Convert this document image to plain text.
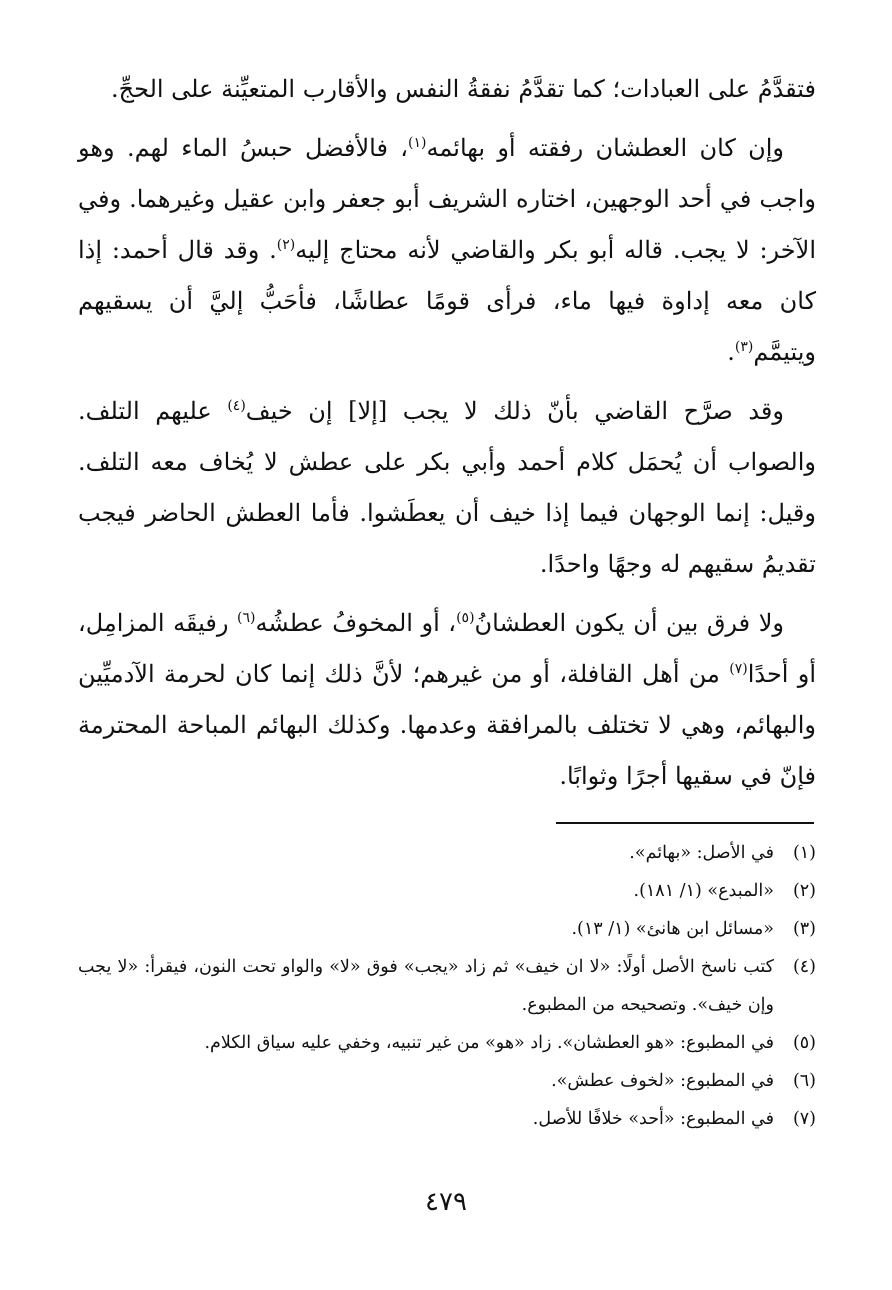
فتقدَّمُ على العبادات؛ كما تقدَّمُ نفقةُ النفس والأقارب المتعيِّنة على الحجِّ.

وإن كان العطشان رفقته أو بهائمه$^{(١)}$، فالأفضل حبسُ الماء لهم. وهو واجب في أحد الوجهين، اختاره الشريف أبو جعفر وابن عقيل وغيرهما. وفي الآخر: لا يجب. قاله أبو بكر والقاضي لأنه محتاج إليه$^{(٢)}$. وقد قال أحمد: إذا كان معه إداوة فيها ماء، فرأى قومًا عطاشًا، فأحَبُّ إليَّ أن يسقيهم ويتيمَّم$^{(٣)}$.

وقد صرَّح القاضي بأنّ ذلك لا يجب [إلا] إن خيف$^{(٤)}$ عليهم التلف. والصواب أن يُحمَل كلام أحمد وأبي بكر على عطش لا يُخاف معه التلف. وقيل: إنما الوجهان فيما إذا خيف أن يعطَشوا. فأما العطش الحاضر فيجب تقديمُ سقيهم له وجهًا واحدًا.

ولا فرق بين أن يكون العطشانُ$^{(٥)}$، أو المخوفُ عطشُه$^{(٦)}$ رفيقَه المزامِل، أو أحدًا$^{(٧)}$ من أهل القافلة، أو من غيرهم؛ لأنَّ ذلك إنما كان لحرمة الآدميِّين والبهائم، وهي لا تختلف بالمرافقة وعدمها. وكذلك البهائم المباحة المحترمة فإنّ في سقيها أجرًا وثوابًا.

(١)
في الأصل: «بهائم».
(٢)
«المبدع» (١/ ١٨١).
(٣)
«مسائل ابن هانئ» (١/ ١٣).
(٤)
كتب ناسخ الأصل أولًا: «لا ان خيف» ثم زاد «يجب» فوق «لا» والواو تحت النون، فيقرأ: «لا يجب وإن خيف». وتصحيحه من المطبوع.
(٥)
في المطبوع: «هو العطشان». زاد «هو» من غير تنبيه، وخفي عليه سياق الكلام.
(٦)
في المطبوع: «لخوف عطش».
(٧)
في المطبوع: «أحد» خلافًا للأصل.
٤٧٩
